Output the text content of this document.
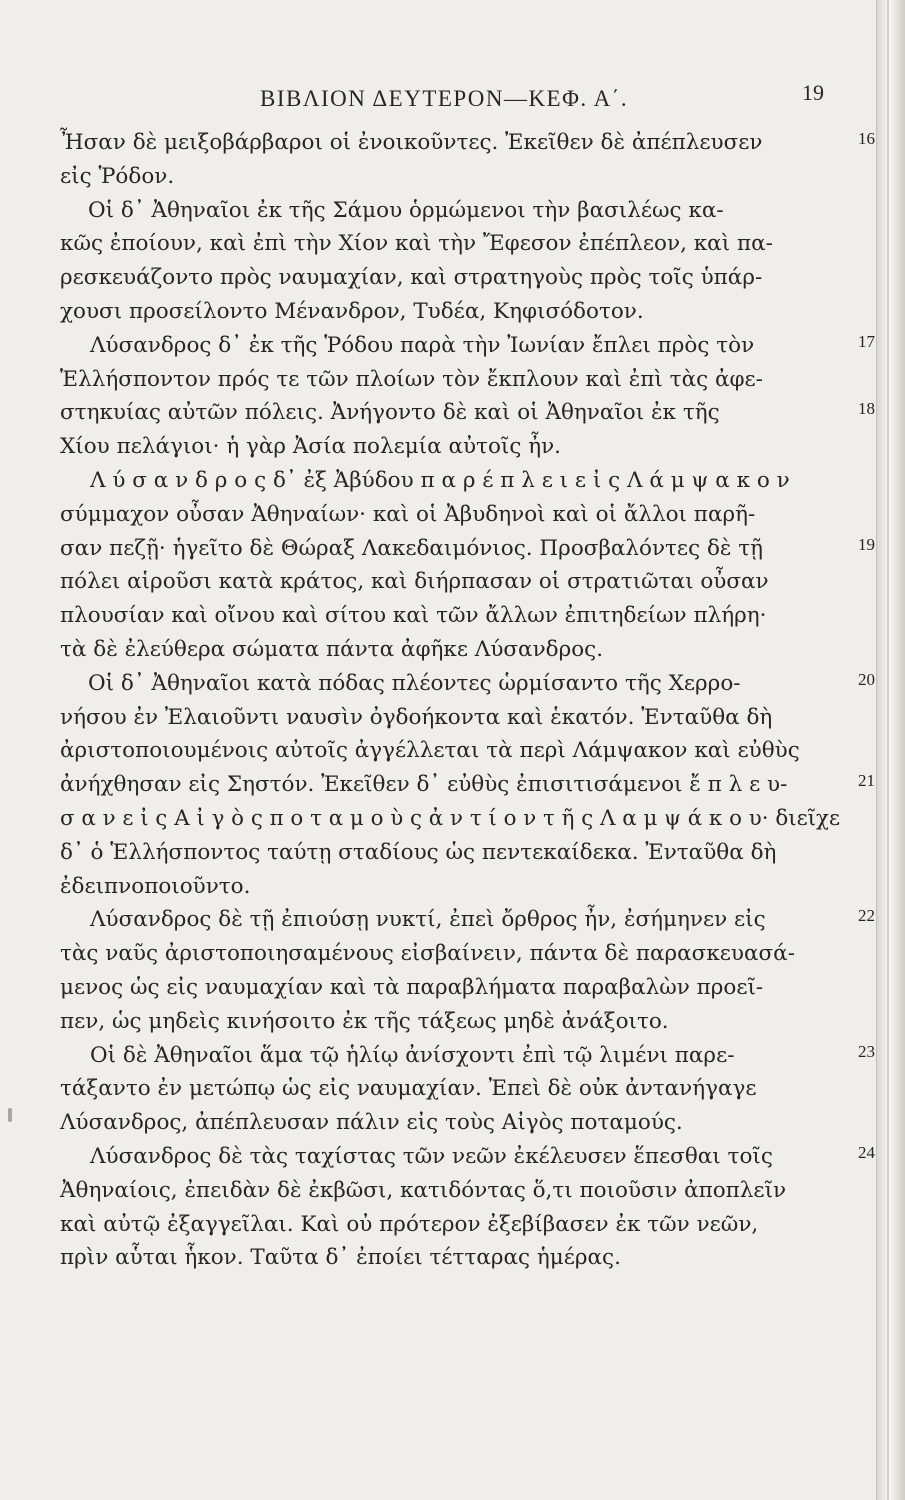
ΒΙΒΛΙΟΝ ΔΕΥΤΕΡΟΝ—ΚΕΦ. Α΄.	19
Ἦσαν δὲ μειξοβάρβαροι οἱ ἐνοικοῦντες. Ἐκεῖθεν δὲ ἀπέπλευσεν	16
εἰς Ῥόδον.
Οἱ δ᾽ Ἀθηναῖοι ἐκ τῆς Σάμου ὁρμώμενοι τὴν βασιλέως κα-
κῶς ἐποίουν, καὶ ἐπὶ τὴν Χίον καὶ τὴν Ἔφεσον ἐπέπλεον, καὶ πα-
ρεσκευάζοντο πρὸς ναυμαχίαν, καὶ στρατηγοὺς πρὸς τοῖς ὑπάρ-
χουσι προσείλοντο Μένανδρον, Τυδέα, Κηφισόδοτον.
Λύσανδρος δ᾽ ἐκ τῆς Ῥόδου παρὰ τὴν Ἰωνίαν ἔπλει πρὸς τὸν	17
Ἑλλήσποντον πρός τε τῶν πλοίων τὸν ἔκπλουν καὶ ἐπὶ τὰς ἀφε-
στηκυίας αὐτῶν πόλεις. Ἀνήγοντο δὲ καὶ οἱ Ἀθηναῖοι ἐκ τῆς	18
Χίου πελάγιοι· ἡ γὰρ Ἀσία πολεμία αὐτοῖς ἦν.
Λ ύ σ α ν δ ρ ο ς δ᾽ ἐξ Ἀβύδου π α ρ έ π λ ε ι ε ἰ ς Λ ά μ ψ α κ ο ν
σύμμαχον οὖσαν Ἀθηναίων· καὶ οἱ Ἀβυδηνοὶ καὶ οἱ ἄλλοι παρῆ-
σαν πεζῇ· ἡγεῖτο δὲ Θώραξ Λακεδαιμόνιος. Προσβαλόντες δὲ τῇ	19
πόλει αἱροῦσι κατὰ κράτος, καὶ διήρπασαν οἱ στρατιῶται οὖσαν
πλουσίαν καὶ οἴνου καὶ σίτου καὶ τῶν ἄλλων ἐπιτηδείων πλήρη·
τὰ δὲ ἐλεύθερα σώματα πάντα ἀφῆκε Λύσανδρος.
Οἱ δ᾽ Ἀθηναῖοι κατὰ πόδας πλέοντες ὡρμίσαντο τῆς Χερρο-	20
νήσου ἐν Ἐλαιοῦντι ναυσὶν ὀγδοήκοντα καὶ ἑκατόν. Ἐνταῦθα δὴ
ἀριστοποιουμένοις αὐτοῖς ἀγγέλλεται τὰ περὶ Λάμψακον καὶ εὐθὺς
ἀνήχθησαν εἰς Σηστόν. Ἐκεῖθεν δ᾽ εὐθὺς ἐπισιτισάμενοι ἔ π λ ε υ-	21
σ α ν ε ἰ ς Α ἰ γ ὸ ς π ο τ α μ ο ὺ ς ἀ ν τ ί ο ν τ ῆ ς Λ α μ ψ ά κ ο υ· διεῖχε
δ᾽ ὁ Ἑλλήσποντος ταύτῃ σταδίους ὡς πεντεκαίδεκα. Ἐνταῦθα δὴ
ἐδειπνοποιοῦντο.
Λύσανδρος δὲ τῇ ἐπιούσῃ νυκτί, ἐπεὶ ὄρθρος ἦν, ἐσήμηνεν εἰς	22
τὰς ναῦς ἀριστοποιησαμένους εἰσβαίνειν, πάντα δὲ παρασκευασά-
μενος ὡς εἰς ναυμαχίαν καὶ τὰ παραβλήματα παραβαλὼν προεῖ-
πεν, ὡς μηδεὶς κινήσοιτο ἐκ τῆς τάξεως μηδὲ ἀνάξοιτο.
Οἱ δὲ Ἀθηναῖοι ἅμα τῷ ἡλίῳ ἀνίσχοντι ἐπὶ τῷ λιμένι παρε-	23
τάξαντο ἐν μετώπῳ ὡς εἰς ναυμαχίαν. Ἐπεὶ δὲ οὐκ ἀντανήγαγε
Λύσανδρος, ἀπέπλευσαν πάλιν εἰς τοὺς Αἰγὸς ποταμούς.
Λύσανδρος δὲ τὰς ταχίστας τῶν νεῶν ἐκέλευσεν ἕπεσθαι τοῖς	24
Ἀθηναίοις, ἐπειδὰν δὲ ἐκβῶσι, κατιδόντας ὅ,τι ποιοῦσιν ἀποπλεῖν
καὶ αὐτῷ ἐξαγγεῖλαι. Καὶ οὐ πρότερον ἐξεβίβασεν ἐκ τῶν νεῶν,
πρὶν αὗται ἧκον. Ταῦτα δ᾽ ἐποίει τέτταρας ἡμέρας.
